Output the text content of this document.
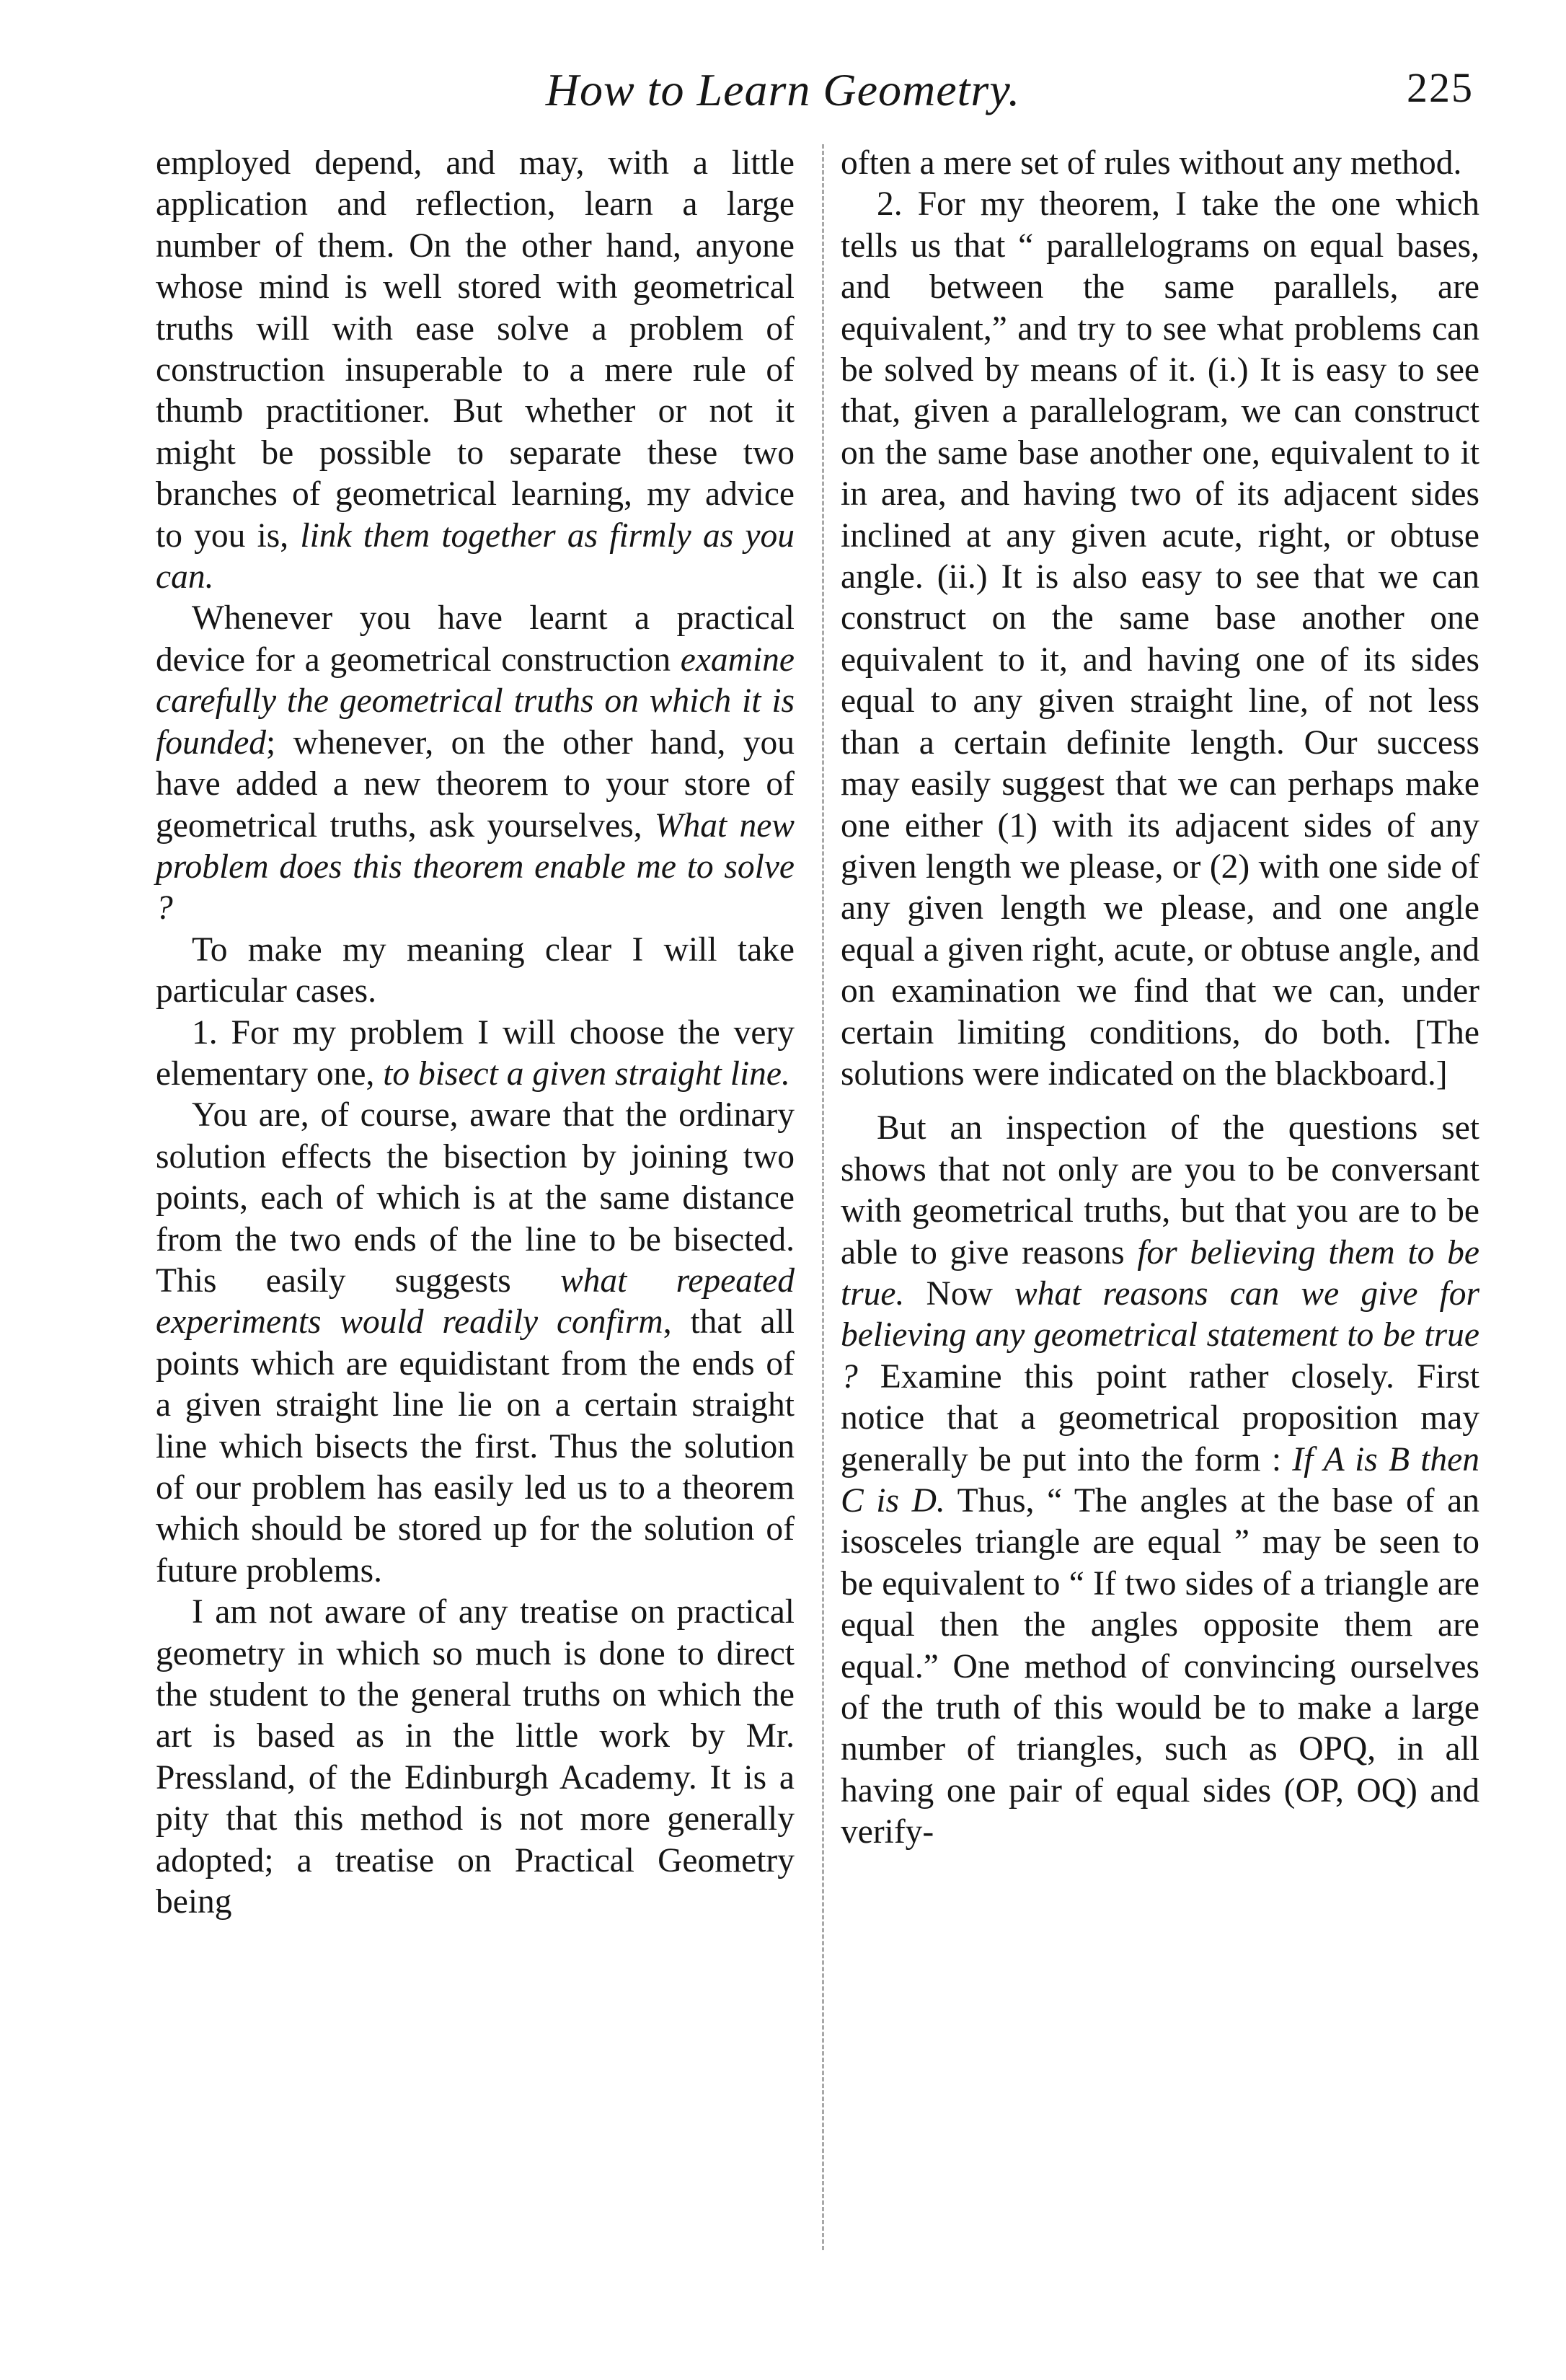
How to Learn Geometry.	225

employed depend, and may, with a little application and reflection, learn a large number of them. On the other hand, anyone whose mind is well stored with geometrical truths will with ease solve a problem of construction insuperable to a mere rule of thumb practitioner. But whether or not it might be possible to separate these two branches of geometrical learning, my advice to you is, link them together as firmly as you can.

Whenever you have learnt a practical device for a geometrical construction examine carefully the geometrical truths on which it is founded; whenever, on the other hand, you have added a new theorem to your store of geometrical truths, ask yourselves, What new problem does this theorem enable me to solve ?

To make my meaning clear I will take particular cases.

1. For my problem I will choose the very elementary one, to bisect a given straight line.

You are, of course, aware that the ordinary solution effects the bisection by joining two points, each of which is at the same distance from the two ends of the line to be bisected. This easily suggests what repeated experiments would readily confirm, that all points which are equidistant from the ends of a given straight line lie on a certain straight line which bisects the first. Thus the solution of our problem has easily led us to a theorem which should be stored up for the solution of future problems.

I am not aware of any treatise on practical geometry in which so much is done to direct the student to the general truths on which the art is based as in the little work by Mr. Pressland, of the Edinburgh Academy. It is a pity that this method is not more generally adopted; a treatise on Practical Geometry being

often a mere set of rules without any method.

2. For my theorem, I take the one which tells us that “ parallelograms on equal bases, and between the same parallels, are equivalent,” and try to see what problems can be solved by means of it. (i.) It is easy to see that, given a parallelogram, we can construct on the same base another one, equivalent to it in area, and having two of its adjacent sides inclined at any given acute, right, or obtuse angle. (ii.) It is also easy to see that we can construct on the same base another one equivalent to it, and having one of its sides equal to any given straight line, of not less than a certain definite length. Our success may easily suggest that we can perhaps make one either (1) with its adjacent sides of any given length we please, or (2) with one side of any given length we please, and one angle equal a given right, acute, or obtuse angle, and on examination we find that we can, under certain limiting conditions, do both. [The solutions were indicated on the blackboard.]

But an inspection of the questions set shows that not only are you to be conversant with geometrical truths, but that you are to be able to give reasons for believing them to be true. Now what reasons can we give for believing any geometrical statement to be true ? Examine this point rather closely. First notice that a geometrical proposition may generally be put into the form : If A is B then C is D. Thus, “ The angles at the base of an isosceles triangle are equal ” may be seen to be equivalent to “ If two sides of a triangle are equal then the angles opposite them are equal.” One method of convincing ourselves of the truth of this would be to make a large number of triangles, such as OPQ, in all having one pair of equal sides (OP, OQ) and verify-
